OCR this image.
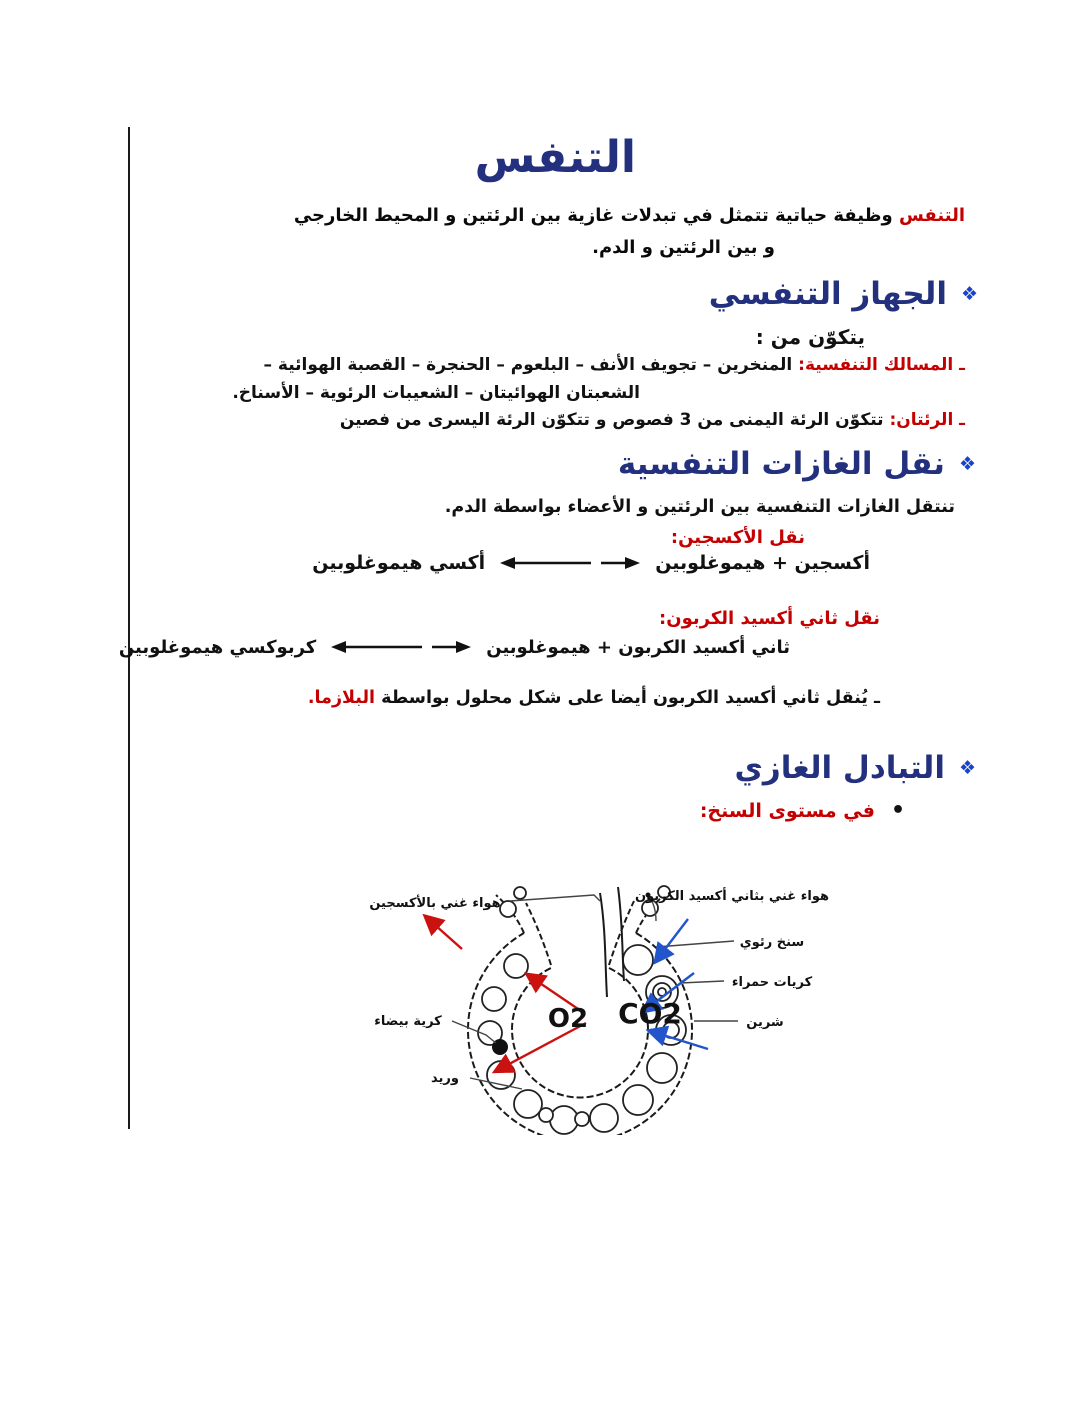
التنفس
التنفس وظيفة حياتية تتمثل في تبدلات غازية بين الرئتين و المحيط الخارجي
و بين الرئتين و الدم.
❖
الجهاز التنفسي
يتكوّن من :
ـ المسالك التنفسية: المنخرين – تجويف الأنف – البلعوم – الحنجرة – القصبة الهوائية –
الشعبتان الهوائيتان – الشعيبات الرئوية – الأسناخ.
ـ الرئتان: تتكوّن الرئة اليمنى من 3 فصوص و تتكوّن الرئة اليسرى من فصين
❖
نقل الغازات التنفسية
تنتقل الغازات التنفسية بين الرئتين و الأعضاء بواسطة الدم.
نقل الأكسجين:
أكسجين + هيموغلوبين
أكسي هيموغلوبين
نقل ثاني أكسيد الكربون:
ثاني أكسيد الكربون + هيموغلوبين
كربوكسي هيموغلوبين
ـ يُنقل ثاني أكسيد الكربون أيضا على شكل محلول بواسطة البلازما.
❖
التبادل الغازي
•
في مستوى السنخ:
O2 CO2
هواء غني بالأكسجين	هواء غني بثاني أكسيد الكربون
سنخ رئوي
كريات حمراء
شرين
كرية بيضاء
وريد
